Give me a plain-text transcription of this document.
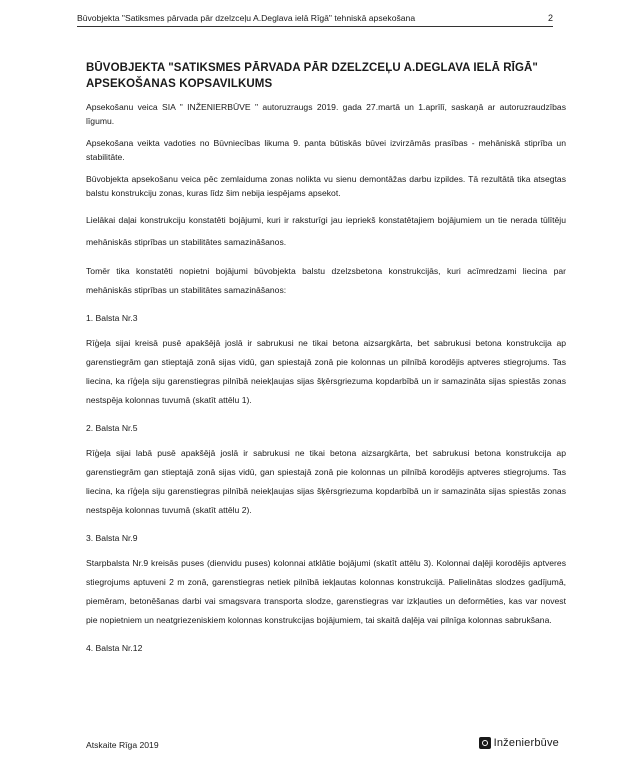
Būvobjekta "Satiksmes pārvada pār dzelzceļu A.Deglava ielā Rīgā" tehniskā apsekošana	2
BŪVOBJEKTA "SATIKSMES PĀRVADA PĀR DZELZCEĻU A.DEGLAVA IELĀ RĪGĀ" APSEKOŠANAS KOPSAVILKUMS

Apsekošanu veica SIA " INŽENIERBŪVE " autoruzraugs 2019. gada 27.martā un 1.aprīlī, saskaņā ar autoruzraudzības līgumu.

Apsekošana veikta vadoties no Būvniecības likuma 9. panta būtiskās būvei izvirzāmās prasības - mehāniskā stiprība un stabilitāte.

Būvobjekta apsekošanu veica pēc zemlaiduma zonas nolikta vu sienu demontāžas darbu izpildes. Tā rezultātā tika atsegtas balstu konstrukciju zonas, kuras līdz šim nebija iespējams apsekot.

Lielākai daļai konstrukciju konstatēti bojājumi, kuri ir raksturīgi jau iepriekš konstatētajiem bojājumiem un tie nerada tūlītēju mehāniskās stiprības un stabilitātes samazināšanos.

Tomēr tika konstatēti nopietni bojājumi būvobjekta balstu dzelzsbetona konstrukcijās, kuri acīmredzami liecina par mehāniskās stiprības un stabilitātes samazināšanos:

1. Balsta Nr.3

Rīģeļa sijai kreisā pusē apakšējā joslā ir sabrukusi ne tikai betona aizsargkārta, bet sabrukusi betona konstrukcija ap garenstiegrām gan stieptajā zonā sijas vidū, gan spiestajā zonā pie kolonnas un pilnībā korodējis aptveres stiegrojums. Tas liecina, ka rīģeļa siju garenstiegras pilnībā neiekļaujas sijas šķērsgriezuma kopdarbībā un ir samazināta sijas spiestās zonas nestspēja kolonnas tuvumā (skatīt attēlu 1).

2. Balsta Nr.5

Rīģeļa sijai labā pusē apakšējā joslā ir sabrukusi ne tikai betona aizsargkārta, bet sabrukusi betona konstrukcija ap garenstiegrām gan stieptajā zonā sijas vidū, gan spiestajā zonā pie kolonnas un pilnībā korodējis aptveres stiegrojums. Tas liecina, ka rīģeļa siju garenstiegras pilnībā neiekļaujas sijas šķērsgriezuma kopdarbībā un ir samazināta sijas spiestās zonas nestspēja kolonnas tuvumā (skatīt attēlu 2).

3. Balsta Nr.9

Starpbalsta Nr.9 kreisās puses (dienvidu puses) kolonnai atklātie bojājumi (skatīt attēlu 3). Kolonnai daļēji korodējis aptveres stiegrojums aptuveni 2 m zonā, garenstiegras netiek pilnībā iekļautas kolonnas konstrukcijā. Palielinātas slodzes gadījumā, piemēram, betonēšanas darbi vai smagsvara transporta slodze, garenstiegras var izkļauties un deformēties, kas var novest pie nopietniem un neatgriezeniskiem kolonnas konstrukcijas bojājumiem, tai skaitā daļēja vai pilnīga kolonnas sabrukšana.

4. Balsta Nr.12

Atskaite Rīga 2019	Inženierbūve
